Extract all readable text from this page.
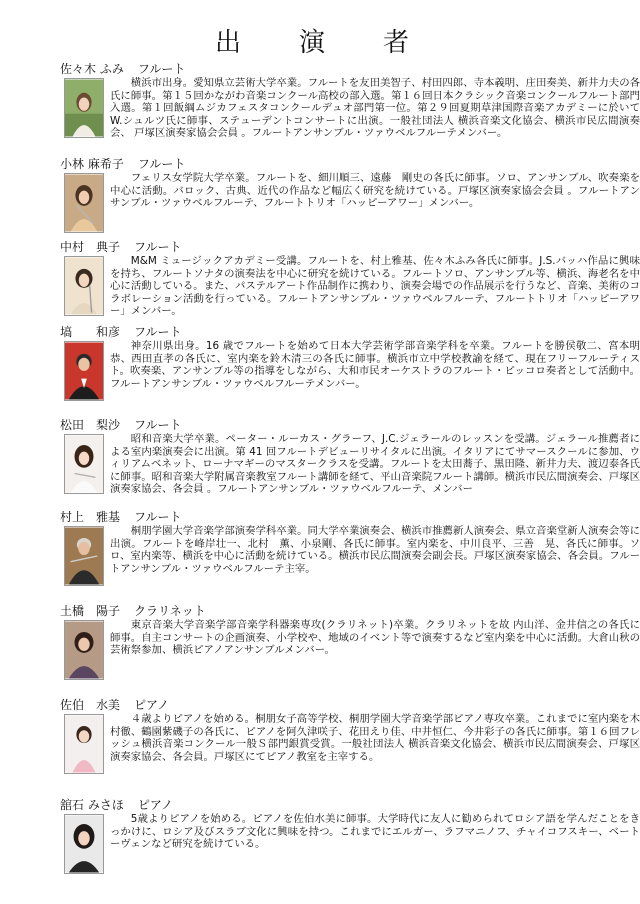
出　演　者
佐々木 ふみ フルート
横浜市出身。愛知県立芸術大学卒業。フルートを友田美智子、村田四郎、寺本義明、庄田奏美、新井力夫の各氏に師事。第１５回かながわ音楽コンクール高校の部入選。第１６回日本クラシック音楽コンクールフルート部門入選。第１回飯綱ムジカフェスタコンクールデュオ部門第一位。第２９回夏期草津国際音楽アカデミーに於いてW.シュルツ氏に師事、ステューデントコンサートに出演。一般社団法人 横浜音楽文化協会、横浜市民広間演奏会、 戸塚区演奏家協会会員 。フルートアンサンブル・ツァウベルフルーテメンバー。
小林 麻希子 フルート
フェリス女学院大学卒業。フルートを、細川順三、遠藤　剛史の各氏に師事。ソロ、アンサンブル、吹奏楽を中心に活動。バロック、古典、近代の作品など幅広く研究を続けている。戸塚区演奏家協会会員 。フルートアンサンブル・ツァウベルフルーテ、フルートトリオ「ハッピーアワー」メンバー。
中村　典子 フルート
M&M ミュージックアカデミー受講。フルートを、村上雅基、佐々木ふみ各氏に師事。J.S.バッハ作品に興味を持ち、フルートソナタの演奏法を中心に研究を続けている。フルートソロ、アンサンブル等、横浜、海老名を中心に活動している。また、パステルアート作品制作に携わり、演奏会場での作品展示を行うなど、音楽、美術のコラボレーション活動を行っている。フルートアンサンブル・ツァウベルフルーテ、フルートトリオ「ハッピーアワー」メンバー。
塙　　和彦 フルート
神奈川県出身。16 歳でフルートを始めて日本大学芸術学部音楽学科を卒業。フルートを勝侯敬二、宮本明恭、西田直孝の各氏に、室内楽を鈴木清三の各氏に師事。横浜市立中学校教諭を経て、現在フリーフルーティスト。吹奏楽、アンサンブル等の指導をしながら、大和市民オーケストラのフルート・ピッコロ奏者として活動中。フルートアンサンブル・ツァウベルフルーテメンバー。
松田　梨沙 フルート
昭和音楽大学卒業。ペーター・ルーカス・グラーフ、J.C.ジェラールのレッスンを受講。ジェラール推薦者による室内楽演奏会に出演。第 41 回フルートデビューリサイタルに出演。イタリアにてサマースクールに参加、ウィリアムベネット、ローナマギーのマスタークラスを受講。フルートを太田蕎子、黒田隆、新井力夫、渡辺泰各氏に師事。昭和音楽大学附属音楽教室フルート講師を経て、平山音楽院フルート講師。横浜市民広間演奏会、戸塚区演奏家協会、各会員 。フルートアンサンブル・ツァウベルフルーテ、メンバー
村上　雅基 フルート
桐朋学園大学音楽学部演奏学科卒業。同大学卒業演奏会、横浜市推薦新人演奏会、県立音楽堂新人演奏会等に出演。フルートを峰岸壮一、北村　薫、小泉剛、各氏に師事。室内楽を、中川良平、三善　晃、各氏に師事。ソロ、室内楽等、横浜を中心に活動を続けている。横浜市民広間演奏会副会長。戸塚区演奏家協会、各会員。フルートアンサンブル・ツァウベルフルーテ主宰。
土橋　陽子 クラリネット
東京音楽大学音楽学部音楽学科器楽専攻(クラリネット)卒業。クラリネットを故 内山洋、金井信之の各氏に師事。自主コンサートの企画演奏、小学校や、地域のイベント等で演奏するなど室内楽を中心に活動。大倉山秋の芸術祭参加、横浜ピアノアンサンブルメンバー。
佐伯　水美 ピアノ
４歳よりピアノを始める。桐朋女子高等学校、桐朋学園大学音楽学部ピアノ専攻卒業。これまでに室内楽を木村徹、鶴園紫磯子の各氏に、ピアノを阿久津咲子、花田えり佳、中井恒仁、今井彩子の各氏に師事。第１６回フレッシュ横浜音楽コンクール一般Ｓ部門銀賞受賞。一般社団法人 横浜音楽文化協会、横浜市民広間演奏会、戸塚区演奏家協会、各会員。戸塚区にてピアノ教室を主宰する。
舘石 みさほ ピアノ
5歳よりピアノを始める。ピアノを佐伯水美に師事。大学時代に友人に勧められてロシア語を学んだことをきっかけに、ロシア及びスラブ文化に興味を持つ。これまでにエルガー、ラフマニノフ、チャイコフスキー、ベートーヴェンなど研究を続けている。
